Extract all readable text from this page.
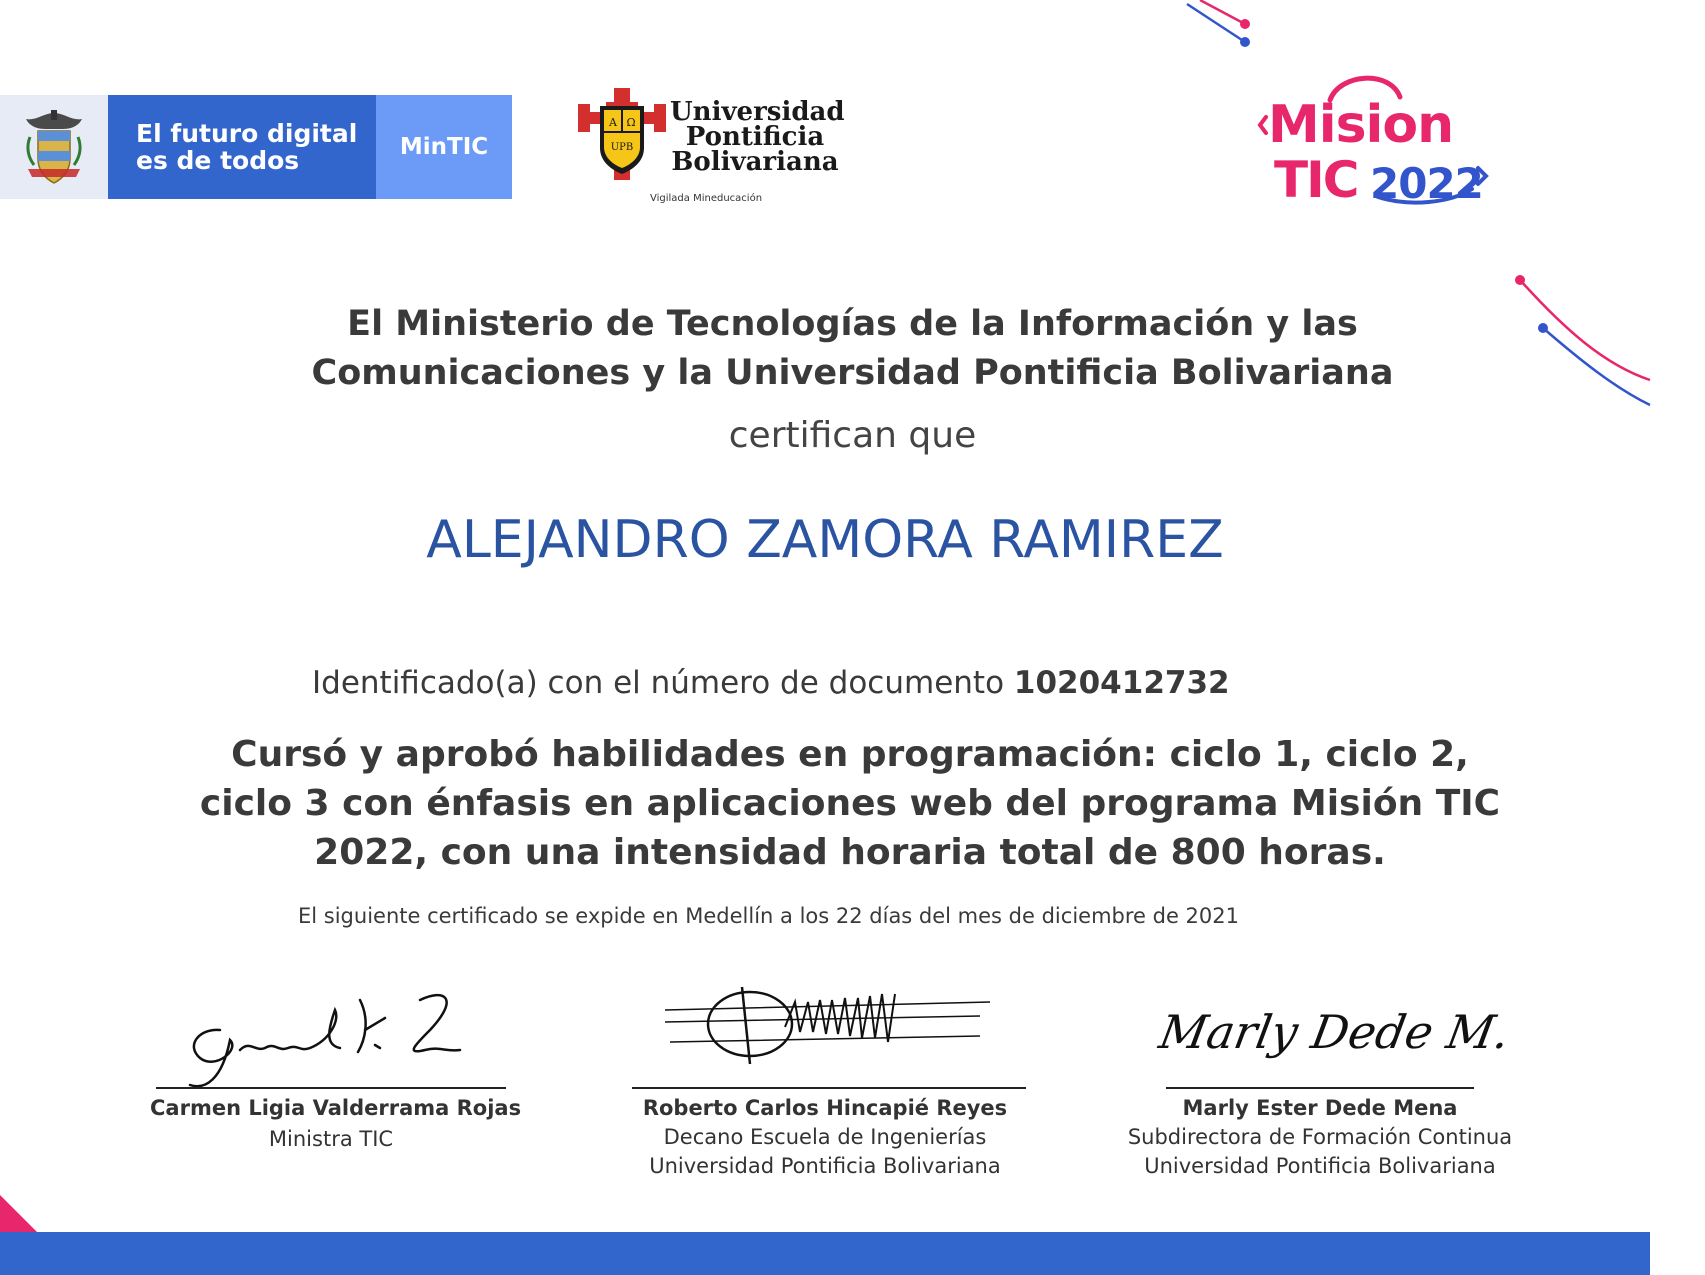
El futuro digital
es de todos	MinTIC
A Ω
UPB
Universidad
Pontificia
Bolivariana
Vigilada Mineducación
Mision
TIC 2022
El Ministerio de Tecnologías de la Información y las
Comunicaciones y la Universidad Pontificia Bolivariana
certifican que
ALEJANDRO ZAMORA RAMIREZ
Identificado(a) con el número de documento 1020412732
Cursó y aprobó habilidades en programación: ciclo 1, ciclo 2,
ciclo 3 con énfasis en aplicaciones web del programa Misión TIC
2022, con una intensidad horaria total de 800 horas.
El siguiente certificado se expide en Medellín a los 22 días del mes de diciembre de 2021
Carmen Ligia Valderrama Rojas
Ministra TIC
Roberto Carlos Hincapié Reyes
Decano Escuela de Ingenierías
Universidad Pontificia Bolivariana
Marly Dede M.
Marly Ester Dede Mena
Subdirectora de Formación Continua
Universidad Pontificia Bolivariana
